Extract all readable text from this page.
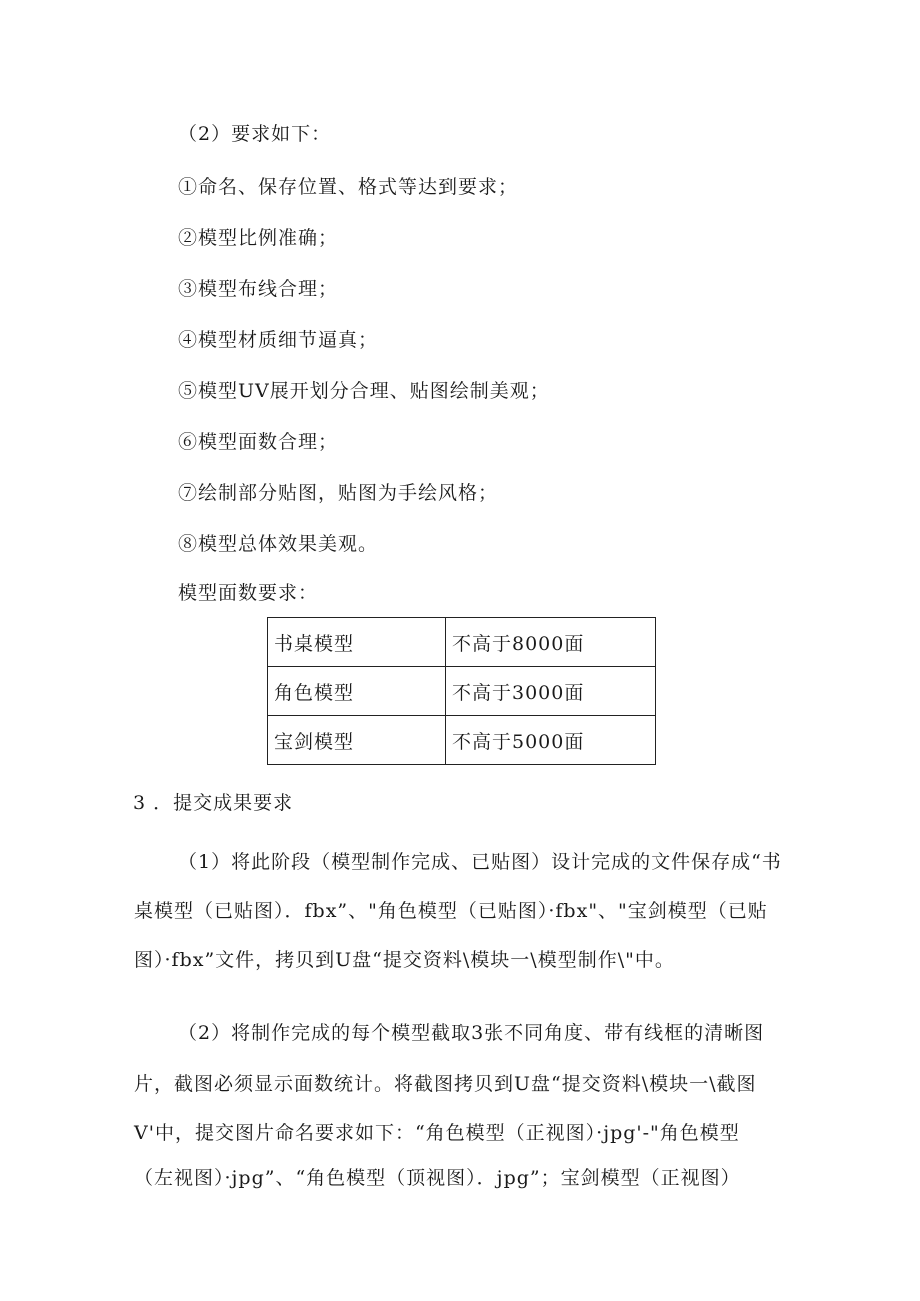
（2）要求如下：
①命名、保存位置、格式等达到要求；
②模型比例准确；
③模型布线合理；
④模型材质细节逼真；
⑤模型UV展开划分合理、贴图绘制美观；
⑥模型面数合理；
⑦绘制部分贴图，贴图为手绘风格；
⑧模型总体效果美观。
模型面数要求：
书桌模型	不高于8000面
角色模型	不高于3000面
宝剑模型	不高于5000面
3 ．提交成果要求
（1）将此阶段（模型制作完成、已贴图）设计完成的文件保存成“书
桌模型（已贴图）．fbx”、"角色模型（已贴图）·fbx"、"宝剑模型（已贴
图）·fbx”文件，拷贝到U盘“提交资料\模块一\模型制作\"中。
（2）将制作完成的每个模型截取3张不同角度、带有线框的清晰图
片，截图必须显示面数统计。将截图拷贝到U盘“提交资料\模块一\截图
V'中，提交图片命名要求如下：“角色模型（正视图）·jpg'-"角色模型
（左视图）·jpg”、“角色模型（顶视图）．jpg”；宝剑模型（正视图）
